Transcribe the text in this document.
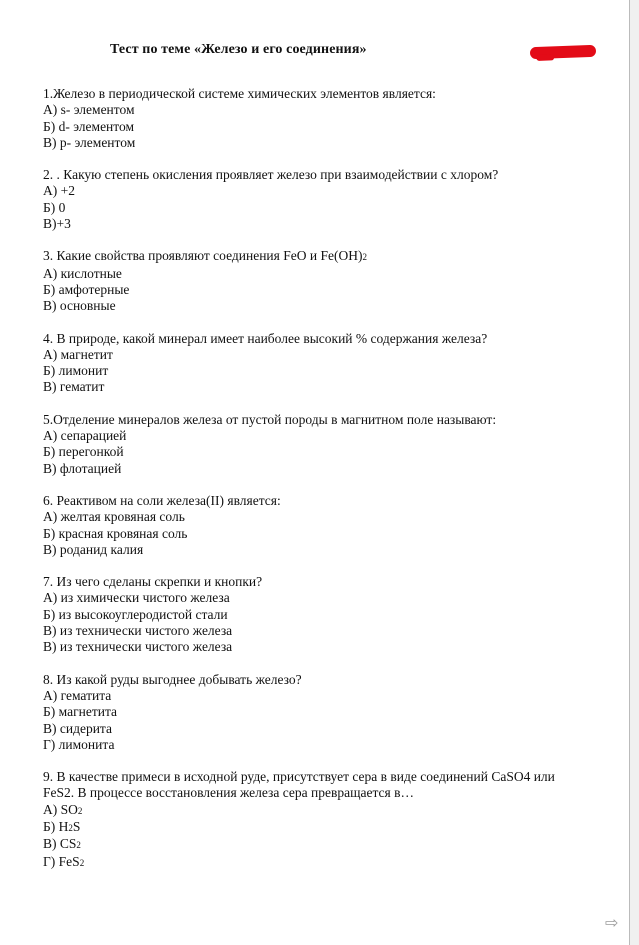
Тест по теме «Железо и его соединения»
1.Железо в периодической системе химических элементов является:
А) s- элементом
Б) d- элементом
В) p- элементом
2. . Какую степень окисления проявляет железо при взаимодействии с хлором?
А) +2
Б) 0
В)+3
3. Какие свойства проявляют соединения FeO и Fe(OH)2
А) кислотные
Б) амфотерные
В) основные
4. В природе, какой минерал имеет наиболее высокий % содержания железа?
А) магнетит
Б) лимонит
В) гематит
5.Отделение минералов железа от пустой породы в магнитном поле называют:
А) сепарацией
Б) перегонкой
В) флотацией
6. Реактивом на соли железа(II) является:
А) желтая кровяная соль
Б) красная кровяная соль
В) роданид калия
7. Из чего сделаны скрепки и кнопки?
А) из химически чистого железа
Б) из высокоуглеродистой стали
В) из технически чистого железа
В) из технически чистого железа
8. Из какой руды выгоднее добывать железо?
А) гематита
Б) магнетита
В) сидерита
Г) лимонита
9. В качестве примеси в исходной руде, присутствует сера в виде соединений CaSO4 или FeS2. В процессе восстановления железа сера превращается в…
А) SO2
Б) H2S
В) CS2
Г) FeS2
⇨
